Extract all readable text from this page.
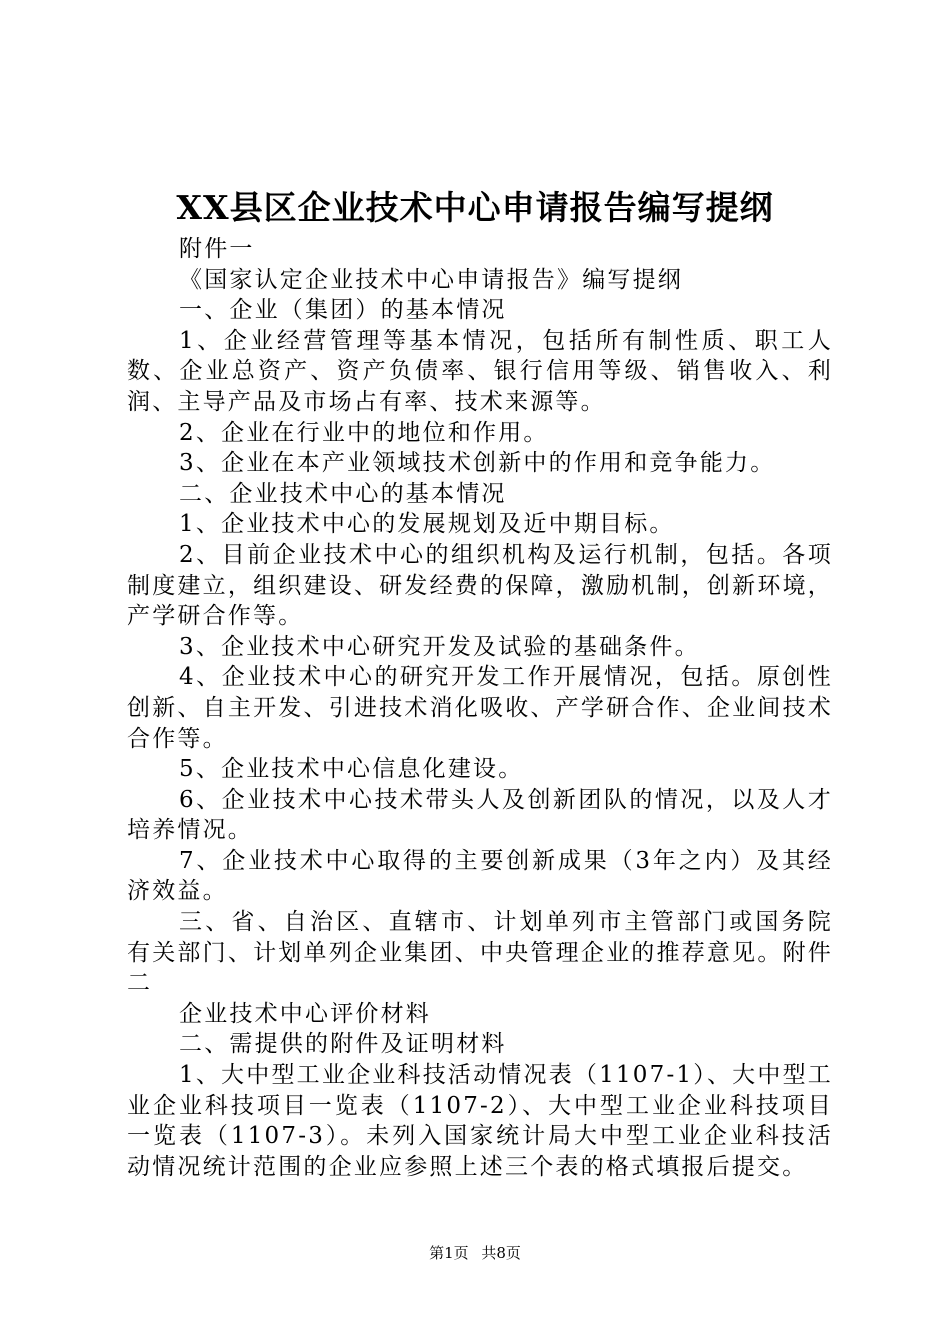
XX县区企业技术中心申请报告编写提纲

附件一

《国家认定企业技术中心申请报告》编写提纲

一、企业（集团）的基本情况

1、企业经营管理等基本情况，包括所有制性质、职工人数、企业总资产、资产负债率、银行信用等级、销售收入、利润、主导产品及市场占有率、技术来源等。

2、企业在行业中的地位和作用。

3、企业在本产业领域技术创新中的作用和竞争能力。

二、企业技术中心的基本情况

1、企业技术中心的发展规划及近中期目标。

2、目前企业技术中心的组织机构及运行机制，包括。各项制度建立，组织建设、研发经费的保障，激励机制，创新环境，产学研合作等。

3、企业技术中心研究开发及试验的基础条件。

4、企业技术中心的研究开发工作开展情况，包括。原创性创新、自主开发、引进技术消化吸收、产学研合作、企业间技术合作等。

5、企业技术中心信息化建设。

6、企业技术中心技术带头人及创新团队的情况，以及人才培养情况。

7、企业技术中心取得的主要创新成果（3年之内）及其经济效益。

三、省、自治区、直辖市、计划单列市主管部门或国务院有关部门、计划单列企业集团、中央管理企业的推荐意见。附件二

企业技术中心评价材料

二、需提供的附件及证明材料

1、大中型工业企业科技活动情况表（1107-1）、大中型工业企业科技项目一览表（1107-2）、大中型工业企业科技项目一览表（1107-3）。未列入国家统计局大中型工业企业科技活动情况统计范围的企业应参照上述三个表的格式填报后提交。

第1页 共8页
